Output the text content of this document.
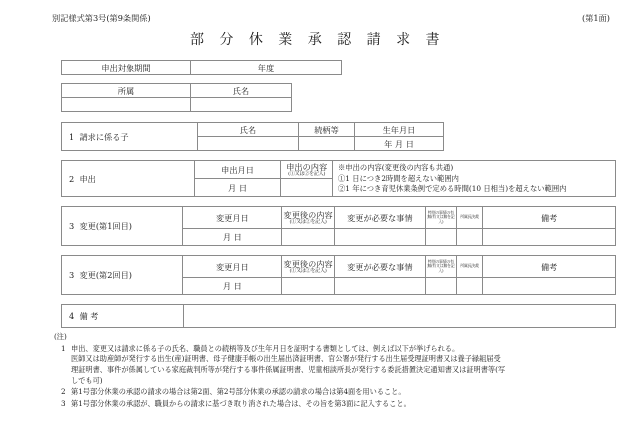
別記様式第3号(第9条関係)	(第1面)
部 分 休 業 承 認 請 求 書
申出対象期間	年度
所属	氏名

1 請求に係る子	氏名	続柄等	生年月日
			年 月 日
2 申出	申出月日	申出の内容
(①又は②を記入)

※申出の内容(変更後の内容も共通)
①1 日につき2時間を超えない範囲内
②1 年につき育児休業条例で定める時間(10 日相当)を超えない範囲内

	月 日		
3 変更(第1回目)	変更月日	変更後の内容
(①又は②を記入)	変更が必要な事情	特別の事情の有無(有又は無を記入)	所属長決裁	備考
	月 日					
3 変更(第2回目)	変更月日	変更後の内容
(①又は②を記入)	変更が必要な事情	特別の事情の有無(有又は無を記入)	所属長決裁	備考
	月 日					
4 備 考	
(注)
1 申出、変更又は請求に係る子の氏名、職員との続柄等及び生年月日を証明する書類としては、例えば以下が挙げられる。

医師又は助産師が発行する出生(産)証明書、母子健康手帳の出生届出済証明書、官公署が発行する出生届受理証明書又は養子縁組届受

理証明書、事件が係属している家庭裁判所等が発行する事件係属証明書、児童相談所長が発行する委託措置決定通知書又は証明書等(写

しでも可)

2 第1号部分休業の承認の請求の場合は第2面、第2号部分休業の承認の請求の場合は第4面を用いること。

3 第1号部分休業の承認が、職員からの請求に基づき取り消された場合は、その旨を第3面に記入すること。
